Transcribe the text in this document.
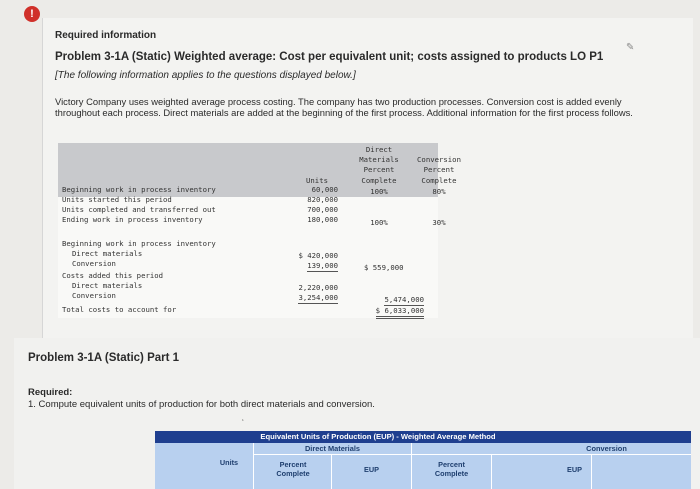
!
Required information
Problem 3-1A (Static) Weighted average: Cost per equivalent unit; costs assigned to products LO P1
✎
[The following information applies to the questions displayed below.]
Victory Company uses weighted average process costing. The company has two production processes. Conversion cost is added evenly throughout each process. Direct materials are added at the beginning of the first process. Additional information for the first process follows.
Direct
Materials
Percent
Complete
Conversion
Percent
Complete
Units
Beginning work in process inventory	60,000	100%	80%
Units started this period	820,000
Units completed and transferred out	700,000
Ending work in process inventory	180,000	100%	30%
Beginning work in process inventory
Direct materials	$ 420,000
Conversion	139,000	$ 559,000
Costs added this period
Direct materials	2,220,000
Conversion	3,254,000	5,474,000
Total costs to account for	$ 6,033,000
Problem 3-1A (Static) Part 1
Required:
1. Compute equivalent units of production for both direct materials and conversion.
‘
Equivalent Units of Production (EUP) - Weighted Average Method
Direct Materials	Conversion
Units	Percent
Complete	EUP
Percent
Complete	EUP
